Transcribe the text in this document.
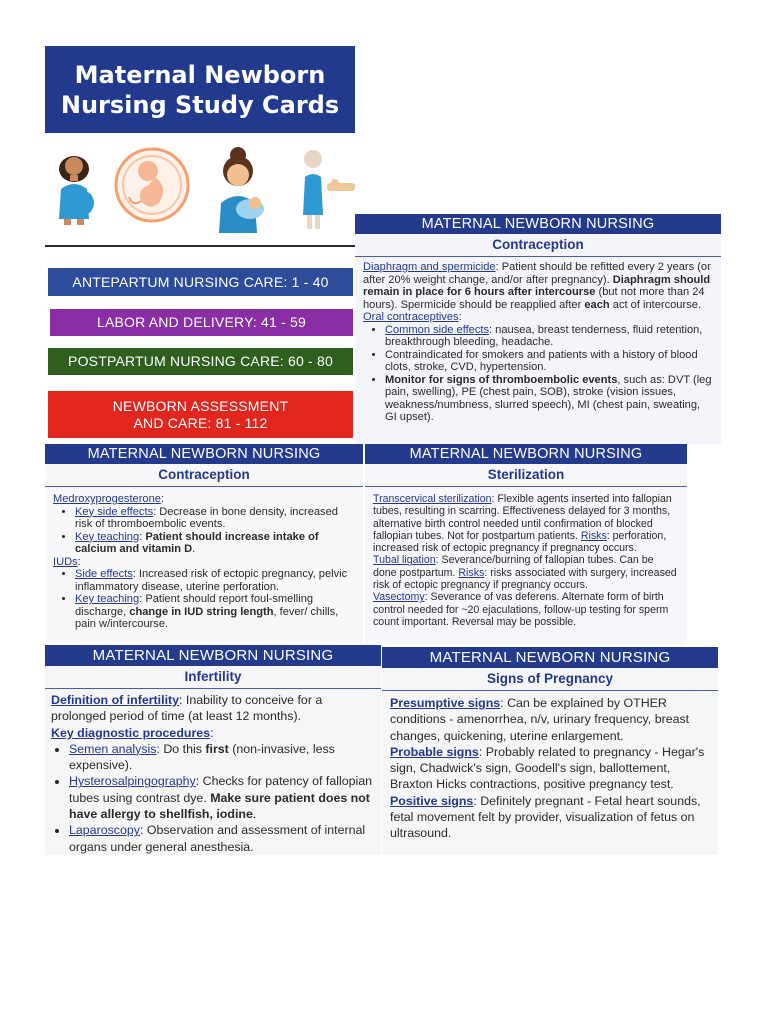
Maternal Newborn
Nursing Study Cards
ANTEPARTUM NURSING CARE: 1 - 40
LABOR AND DELIVERY: 41 - 59
POSTPARTUM NURSING CARE: 60 - 80
NEWBORN ASSESSMENT
AND CARE: 81 - 112
MATERNAL NEWBORN NURSING
Contraception

Diaphragm and spermicide: Patient should be refitted every 2 years (or after 20% weight change, and/or after pregnancy). Diaphragm should remain in place for 6 hours after intercourse (but not more than 24 hours). Spermicide should be reapplied after each act of intercourse.

Oral contraceptives:

• Common side effects: nausea, breast tenderness, fluid retention, breakthrough bleeding, headache.
• Contraindicated for smokers and patients with a history of blood clots, stroke, CVD, hypertension.
• Monitor for signs of thromboembolic events, such as: DVT (leg pain, swelling), PE (chest pain, SOB), stroke (vision issues, weakness/numbness, slurred speech), MI (chest pain, sweating, GI upset).
MATERNAL NEWBORN NURSING
Contraception

Medroxyprogesterone:

• Key side effects: Decrease in bone density, increased risk of thromboembolic events.
• Key teaching: Patient should increase intake of calcium and vitamin D.

IUDs:

• Side effects: Increased risk of ectopic pregnancy, pelvic inflammatory disease, uterine perforation.
• Key teaching: Patient should report foul-smelling discharge, change in IUD string length, fever/ chills, pain w/intercourse.
MATERNAL NEWBORN NURSING
Sterilization

Transcervical sterilization: Flexible agents inserted into fallopian tubes, resulting in scarring. Effectiveness delayed for 3 months, alternative birth control needed until confirmation of blocked fallopian tubes. Not for postpartum patients. Risks: perforation, increased risk of ectopic pregnancy if pregnancy occurs.

Tubal ligation: Severance/burning of fallopian tubes. Can be done postpartum. Risks: risks associated with surgery, increased risk of ectopic pregnancy if pregnancy occurs.

Vasectomy: Severance of vas deferens. Alternate form of birth control needed for ~20 ejaculations, follow-up testing for sperm count important. Reversal may be possible.

MATERNAL NEWBORN NURSING
Infertility

Definition of infertility: Inability to conceive for a prolonged period of time (at least 12 months).

Key diagnostic procedures:

• Semen analysis: Do this first (non-invasive, less expensive).
• Hysterosalpingography: Checks for patency of fallopian tubes using contrast dye. Make sure patient does not have allergy to shellfish, iodine.
• Laparoscopy: Observation and assessment of internal organs under general anesthesia.
MATERNAL NEWBORN NURSING
Signs of Pregnancy

Presumptive signs: Can be explained by OTHER conditions - amenorrhea, n/v, urinary frequency, breast changes, quickening, uterine enlargement.

Probable signs: Probably related to pregnancy - Hegar's sign, Chadwick's sign, Goodell's sign, ballottement, Braxton Hicks contractions, positive pregnancy test.

Positive signs: Definitely pregnant - Fetal heart sounds, fetal movement felt by provider, visualization of fetus on ultrasound.
